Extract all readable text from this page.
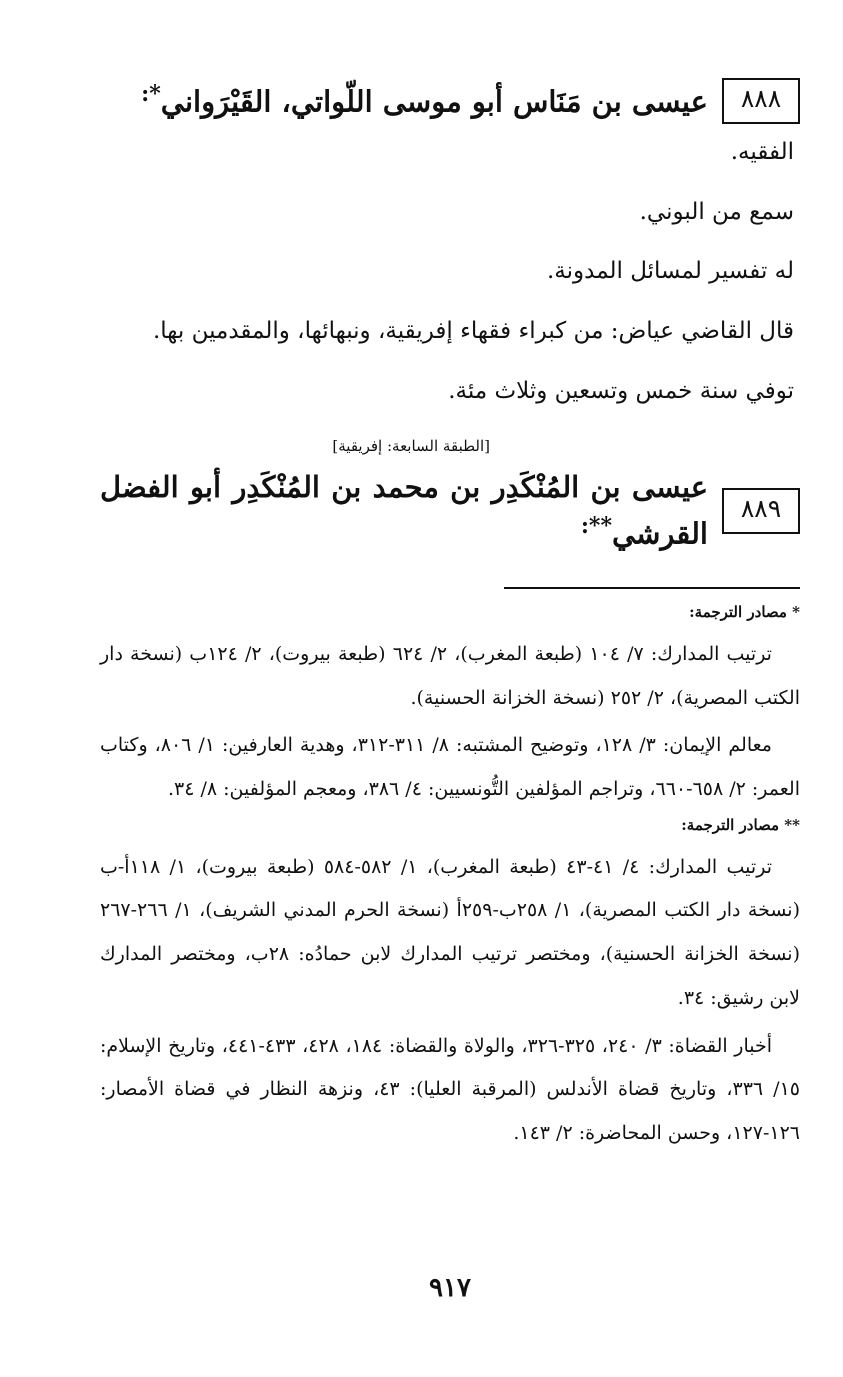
٨٨٨
عيسى بن مَنَاس أبو موسى اللّواتي، القَيْرَواني*:

الفقيه.

سمع من البوني.

له تفسير لمسائل المدونة.

قال القاضي عياض: من كبراء فقهاء إفريقية، ونبهائها، والمقدمين بها.

توفي سنة خمس وتسعين وثلاث مئة.

[الطبقة السابعة: إفريقية]
٨٨٩
عيسى بن المُنْكَدِر بن محمد بن المُنْكَدِر أبو الفضل القرشي**:
* مصادر الترجمة:

ترتيب المدارك: ٧/ ١٠٤ (طبعة المغرب)، ٢/ ٦٢٤ (طبعة بيروت)، ٢/ ١٢٤ب (نسخة دار الكتب المصرية)، ٢/ ٢٥٢ (نسخة الخزانة الحسنية).

معالم الإيمان: ٣/ ١٢٨، وتوضيح المشتبه: ٨/ ٣١١-٣١٢، وهدية العارفين: ١/ ٨٠٦، وكتاب العمر: ٢/ ٦٥٨-٦٦٠، وتراجم المؤلفين التُّونسيين: ٤/ ٣٨٦، ومعجم المؤلفين: ٨/ ٣٤.

** مصادر الترجمة:

ترتيب المدارك: ٤/ ٤١-٤٣ (طبعة المغرب)، ١/ ٥٨٢-٥٨٤ (طبعة بيروت)، ١/ ١١٨أ-ب (نسخة دار الكتب المصرية)، ١/ ٢٥٨ب-٢٥٩أ (نسخة الحرم المدني الشريف)، ١/ ٢٦٦-٢٦٧ (نسخة الخزانة الحسنية)، ومختصر ترتيب المدارك لابن حمادُه: ٢٨ب، ومختصر المدارك لابن رشيق: ٣٤.

أخبار القضاة: ٣/ ٢٤٠، ٣٢٥-٣٢٦، والولاة والقضاة: ١٨٤، ٤٢٨، ٤٣٣-٤٤١، وتاريخ الإسلام: ١٥/ ٣٣٦، وتاريخ قضاة الأندلس (المرقبة العليا): ٤٣، ونزهة النظار في قضاة الأمصار: ١٢٦-١٢٧، وحسن المحاضرة: ٢/ ١٤٣.

٩١٧
